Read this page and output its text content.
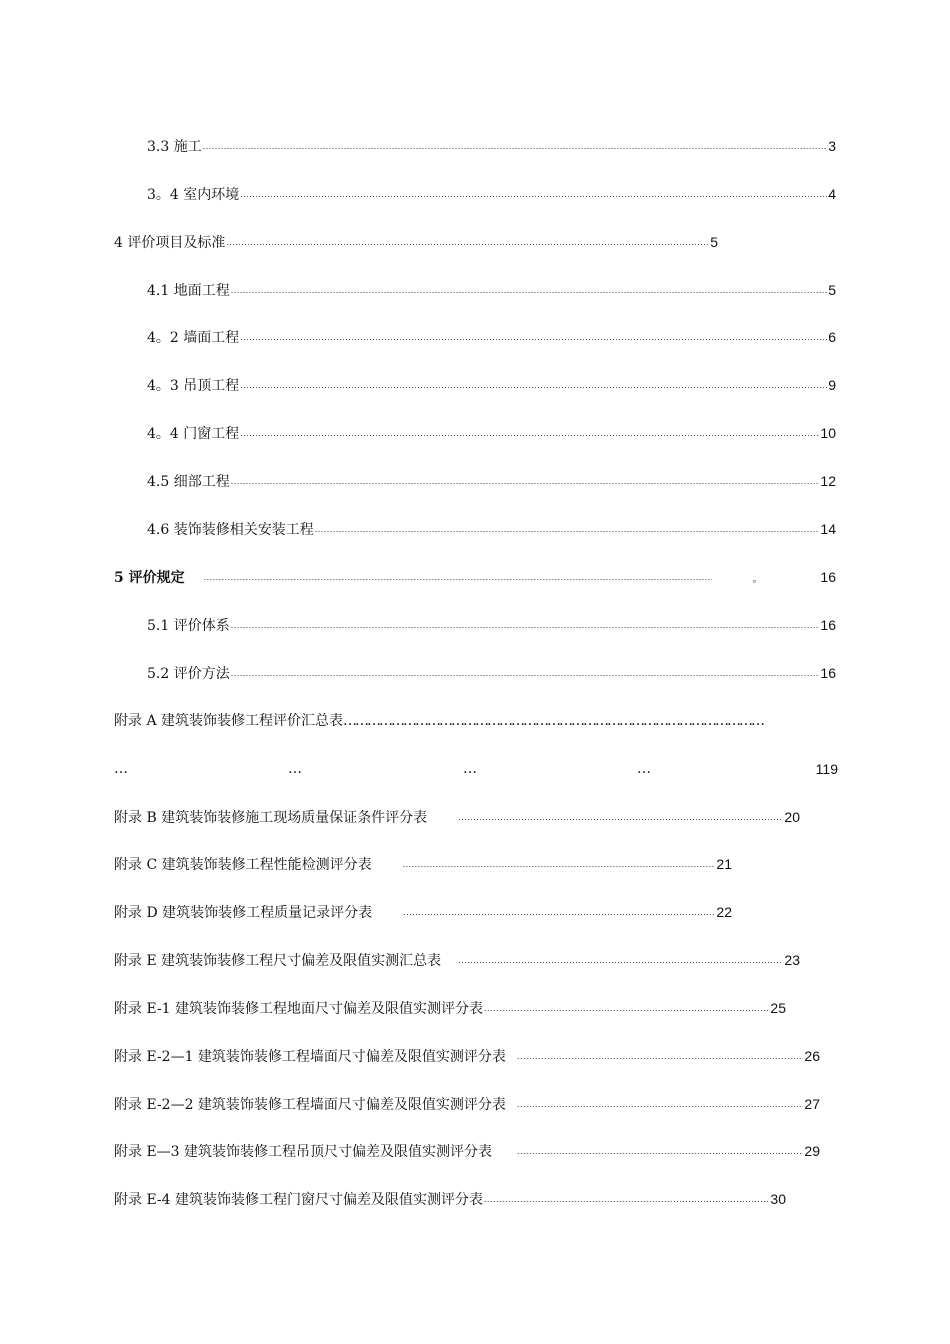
3.3 施工 .....	3
3。4 室内环境 .....	4
4 评价项目及标准 .....	5
4.1 地面工程 .....	5
4。2 墙面工程 .....	6
4。3 吊顶工程 .....	9
4。4 门窗工程 .....	10
4.5 细部工程 .....	12
4.6 装饰装修相关安装工程 .....	14
5 评价规定 .....	。	16
5.1 评价体系 .....	16
5.2 评价方法 .....	16
附录 A 建筑装饰装修工程评价汇总表 ……………………………………………………………………………………………
…	…	…	…	119
附录 B 建筑装饰装修施工现场质量保证条件评分表 .....	20
附录 C 建筑装饰装修工程性能检测评分表 .....	21
附录 D 建筑装饰装修工程质量记录评分表 .....	22
附录 E 建筑装饰装修工程尺寸偏差及限值实测汇总表 .....	23
附录 E-1 建筑装饰装修工程地面尺寸偏差及限值实测评分表 .....	25
附录 E-2—1 建筑装饰装修工程墙面尺寸偏差及限值实测评分表 .....	26
附录 E-2—2 建筑装饰装修工程墙面尺寸偏差及限值实测评分表 .....	27
附录 E—3 建筑装饰装修工程吊顶尺寸偏差及限值实测评分表 .....	29
附录 E-4 建筑装饰装修工程门窗尺寸偏差及限值实测评分表 .....	30
